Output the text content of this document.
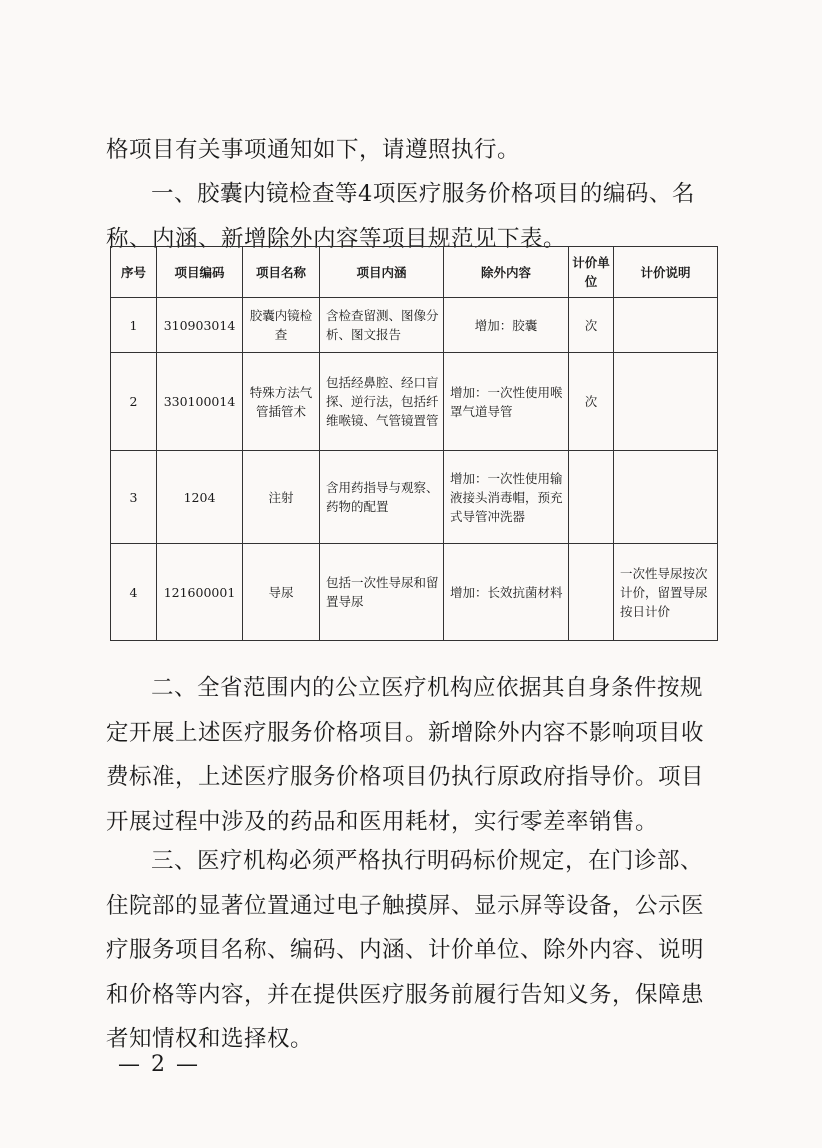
格项目有关事项通知如下，请遵照执行。

一、胶囊内镜检查等4项医疗服务价格项目的编码、名称、内涵、新增除外内容等项目规范见下表。

序号	项目编码	项目名称	项目内涵	除外内容	计价单位	计价说明
1	310903014	胶囊内镜检查	含检查留测、图像分析、图文报告	增加：胶囊	次	
2	330100014	特殊方法气管插管术	包括经鼻腔、经口盲探、逆行法，包括纤维喉镜、气管镜置管	增加：一次性使用喉罩气道导管	次	
3	1204	注射	含用药指导与观察、药物的配置	增加：一次性使用输液接头消毒帽，预充式导管冲洗器		
4	121600001	导尿	包括一次性导尿和留置导尿	增加：长效抗菌材料		一次性导尿按次计价，留置导尿按日计价

二、全省范围内的公立医疗机构应依据其自身条件按规定开展上述医疗服务价格项目。新增除外内容不影响项目收费标准，上述医疗服务价格项目仍执行原政府指导价。项目开展过程中涉及的药品和医用耗材，实行零差率销售。

三、医疗机构必须严格执行明码标价规定，在门诊部、住院部的显著位置通过电子触摸屏、显示屏等设备，公示医疗服务项目名称、编码、内涵、计价单位、除外内容、说明和价格等内容，并在提供医疗服务前履行告知义务，保障患者知情权和选择权。

— 2 —
